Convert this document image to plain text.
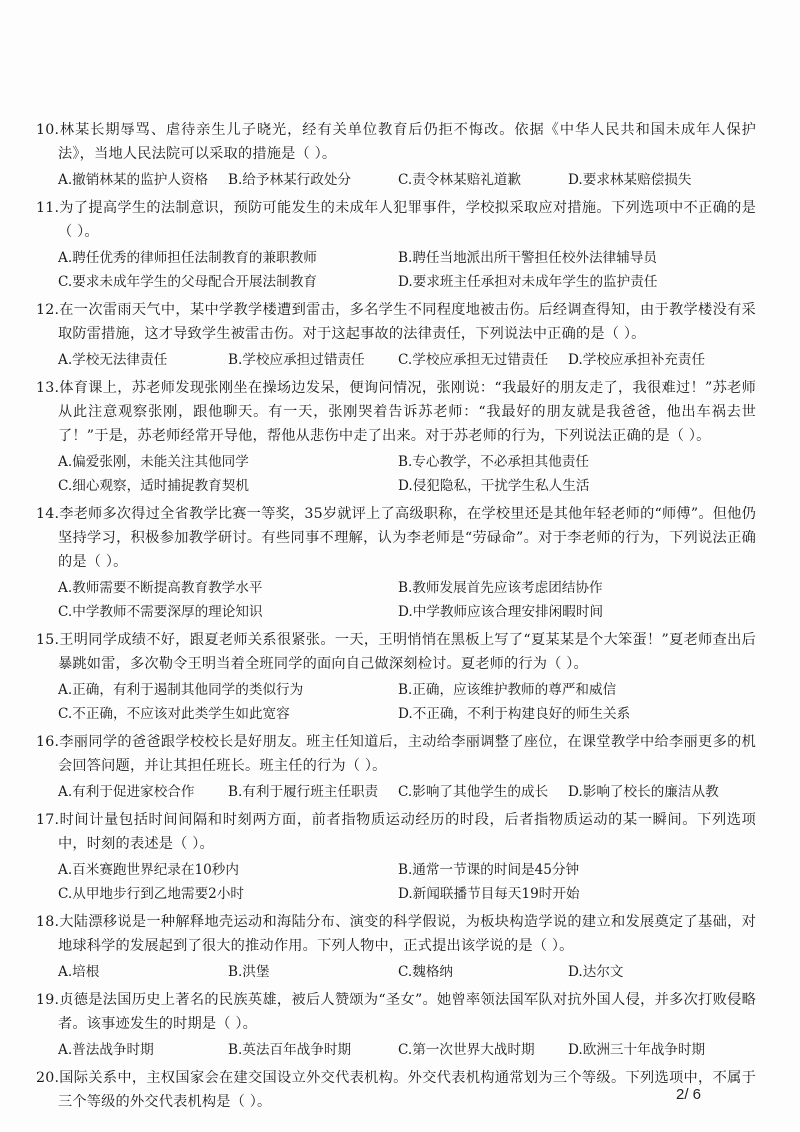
10.林某长期辱骂、虐待亲生儿子晓光，经有关单位教育后仍拒不悔改。依据《中华人民共和国未成年人保护法》，当地人民法院可以采取的措施是（ ）。
A.撤销林某的监护人资格	B.给予林某行政处分	C.责令林某赔礼道歉	D.要求林某赔偿损失
11.为了提高学生的法制意识，预防可能发生的未成年人犯罪事件，学校拟采取应对措施。下列选项中不正确的是（ ）。
A.聘任优秀的律师担任法制教育的兼职教师	B.聘任当地派出所干警担任校外法律辅导员
C.要求未成年学生的父母配合开展法制教育	D.要求班主任承担对未成年学生的监护责任
12.在一次雷雨天气中，某中学教学楼遭到雷击，多名学生不同程度地被击伤。后经调查得知，由于教学楼没有采取防雷措施，这才导致学生被雷击伤。对于这起事故的法律责任，下列说法中正确的是（ ）。
A.学校无法律责任	B.学校应承担过错责任	C.学校应承担无过错责任	D.学校应承担补充责任
13.体育课上，苏老师发现张刚坐在操场边发呆，便询问情况，张刚说：“我最好的朋友走了，我很难过！”苏老师从此注意观察张刚，跟他聊天。有一天，张刚哭着告诉苏老师：“我最好的朋友就是我爸爸，他出车祸去世了！”于是，苏老师经常开导他，帮他从悲伤中走了出来。对于苏老师的行为，下列说法正确的是（ ）。
A.偏爱张刚，未能关注其他同学	B.专心教学，不必承担其他责任
C.细心观察，适时捕捉教育契机	D.侵犯隐私，干扰学生私人生活
14.李老师多次得过全省教学比赛一等奖，35岁就评上了高级职称，在学校里还是其他年轻老师的“师傅”。但他仍坚持学习，积极参加教学研讨。有些同事不理解，认为李老师是“劳碌命”。对于李老师的行为，下列说法正确的是（ ）。
A.教师需要不断提高教育教学水平	B.教师发展首先应该考虑团结协作
C.中学教师不需要深厚的理论知识	D.中学教师应该合理安排闲暇时间
15.王明同学成绩不好，跟夏老师关系很紧张。一天，王明悄悄在黑板上写了“夏某某是个大笨蛋！”夏老师查出后暴跳如雷，多次勒令王明当着全班同学的面向自己做深刻检讨。夏老师的行为（ ）。
A.正确，有利于遏制其他同学的类似行为	B.正确，应该维护教师的尊严和威信
C.不正确，不应该对此类学生如此宽容	D.不正确，不利于构建良好的师生关系
16.李丽同学的爸爸跟学校校长是好朋友。班主任知道后，主动给李丽调整了座位，在课堂教学中给李丽更多的机会回答问题，并让其担任班长。班主任的行为（ ）。
A.有利于促进家校合作	B.有利于履行班主任职责	C.影响了其他学生的成长	D.影响了校长的廉洁从教
17.时间计量包括时间间隔和时刻两方面，前者指物质运动经历的时段，后者指物质运动的某一瞬间。下列选项中，时刻的表述是（ ）。
A.百米赛跑世界纪录在10秒内	B.通常一节课的时间是45分钟
C.从甲地步行到乙地需要2小时	D.新闻联播节目每天19时开始
18.大陆漂移说是一种解释地壳运动和海陆分布、演变的科学假说，为板块构造学说的建立和发展奠定了基础，对地球科学的发展起到了很大的推动作用。下列人物中，正式提出该学说的是（ ）。
A.培根	B.洪堡	C.魏格纳	D.达尔文
19.贞德是法国历史上著名的民族英雄，被后人赞颂为“圣女”。她曾率领法国军队对抗外国人侵，并多次打败侵略者。该事迹发生的时期是（ ）。
A.普法战争时期	B.英法百年战争时期	C.第一次世界大战时期	D.欧洲三十年战争时期
20.国际关系中，主权国家会在建交国设立外交代表机构。外交代表机构通常划为三个等级。下列选项中，不属于三个等级的外交代表机构是（ ）。	2/ 6
